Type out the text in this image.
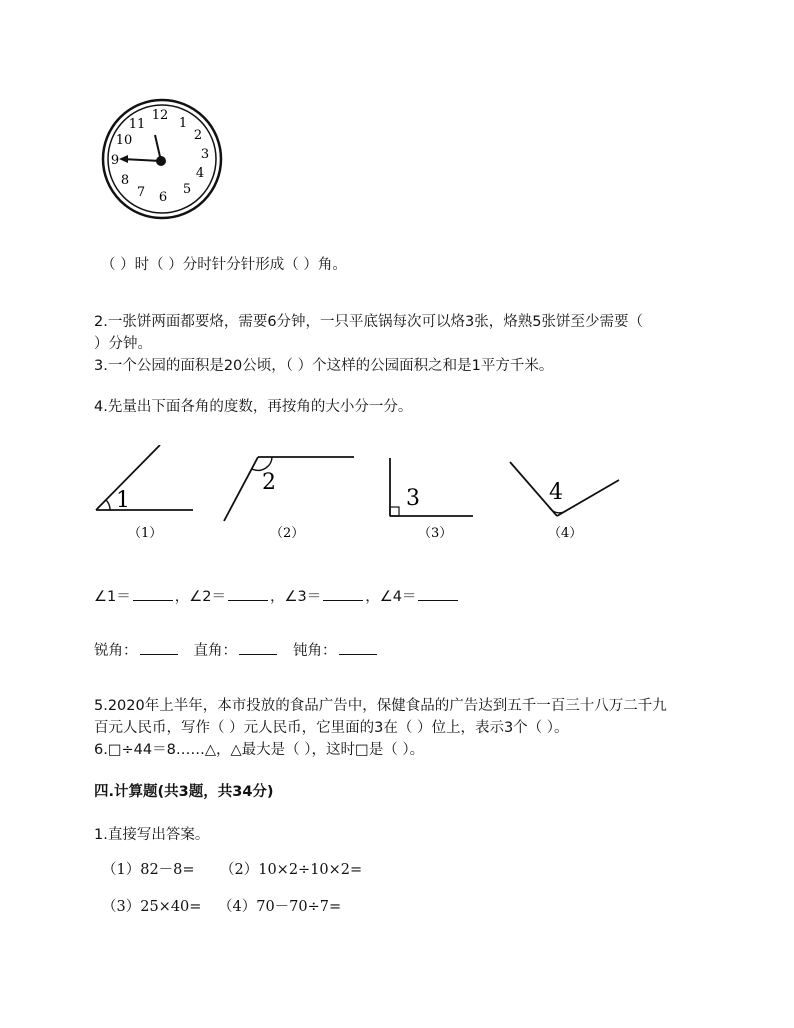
12
1
2
3
4
5
6
7
8
9
10
11
（ ）时（ ）分时针分针形成（ ）角。
2.一张饼两面都要烙，需要6分钟，一只平底锅每次可以烙3张，烙熟5张饼至少需要（
）分钟。
3.一个公园的面积是20公顷，（ ）个这样的公园面积之和是1平方千米。
4.先量出下面各角的度数，再按角的大小分一分。
1
（1）
2
（2）
3
（3）
4
（4）
∠1＝	，∠2＝	，∠3＝	，∠4＝
锐角：	直角：	钝角：
5.2020年上半年，本市投放的食品广告中，保健食品的广告达到五千一百三十八万二千九
百元人民币，写作（ ）元人民币，它里面的3在（ ）位上，表示3个（ ）。
6.□÷44＝8……△，△最大是（ ），这时□是（ ）。
四.计算题(共3题，共34分)
1.直接写出答案。
（1）82－8= （2）10×2÷10×2=
（3）25×40= （4）70－70÷7=
